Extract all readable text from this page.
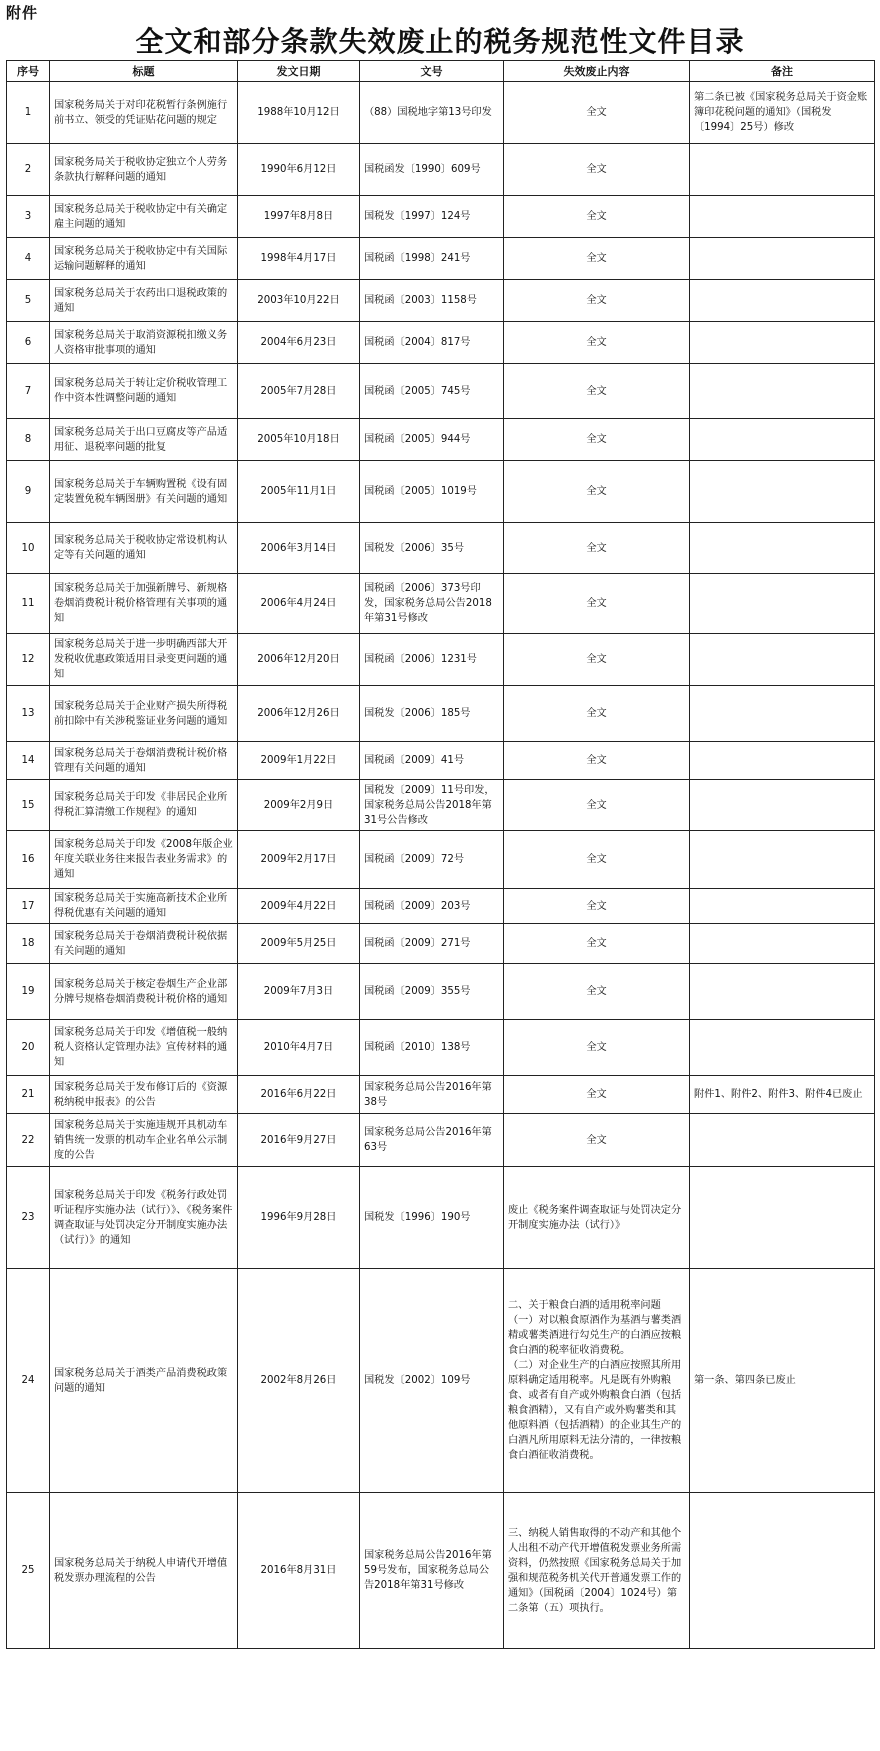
附件
全文和部分条款失效废止的税务规范性文件目录
序号	标题	发文日期	文号	失效废止内容	备注
1	国家税务局关于对印花税暂行条例施行前书立、领受的凭证贴花问题的规定	1988年10月12日	（88）国税地字第13号印发	全文	第二条已被《国家税务总局关于资金账簿印花税问题的通知》（国税发〔1994〕25号）修改
2	国家税务局关于税收协定独立个人劳务条款执行解释问题的通知	1990年6月12日	国税函发〔1990〕609号	全文	
3	国家税务总局关于税收协定中有关确定雇主问题的通知	1997年8月8日	国税发〔1997〕124号	全文	
4	国家税务总局关于税收协定中有关国际运输问题解释的通知	1998年4月17日	国税函〔1998〕241号	全文	
5	国家税务总局关于农药出口退税政策的通知	2003年10月22日	国税函〔2003〕1158号	全文	
6	国家税务总局关于取消资源税扣缴义务人资格审批事项的通知	2004年6月23日	国税函〔2004〕817号	全文	
7	国家税务总局关于转让定价税收管理工作中资本性调整问题的通知	2005年7月28日	国税函〔2005〕745号	全文	
8	国家税务总局关于出口豆腐皮等产品适用征、退税率问题的批复	2005年10月18日	国税函〔2005〕944号	全文	
9	国家税务总局关于车辆购置税《设有固定装置免税车辆图册》有关问题的通知	2005年11月1日	国税函〔2005〕1019号	全文	
10	国家税务总局关于税收协定常设机构认定等有关问题的通知	2006年3月14日	国税发〔2006〕35号	全文	
11	国家税务总局关于加强新牌号、新规格卷烟消费税计税价格管理有关事项的通知	2006年4月24日	国税函〔2006〕373号印发，国家税务总局公告2018年第31号修改	全文	
12	国家税务总局关于进一步明确西部大开发税收优惠政策适用目录变更问题的通知	2006年12月20日	国税函〔2006〕1231号	全文	
13	国家税务总局关于企业财产损失所得税前扣除中有关涉税鉴证业务问题的通知	2006年12月26日	国税发〔2006〕185号	全文	
14	国家税务总局关于卷烟消费税计税价格管理有关问题的通知	2009年1月22日	国税函〔2009〕41号	全文	
15	国家税务总局关于印发《非居民企业所得税汇算清缴工作规程》的通知	2009年2月9日	国税发〔2009〕11号印发，国家税务总局公告2018年第31号公告修改	全文	
16	国家税务总局关于印发《2008年版企业年度关联业务往来报告表业务需求》的通知	2009年2月17日	国税函〔2009〕72号	全文	
17	国家税务总局关于实施高新技术企业所得税优惠有关问题的通知	2009年4月22日	国税函〔2009〕203号	全文	
18	国家税务总局关于卷烟消费税计税依据有关问题的通知	2009年5月25日	国税函〔2009〕271号	全文	
19	国家税务总局关于核定卷烟生产企业部分牌号规格卷烟消费税计税价格的通知	2009年7月3日	国税函〔2009〕355号	全文	
20	国家税务总局关于印发《增值税一般纳税人资格认定管理办法》宣传材料的通知	2010年4月7日	国税函〔2010〕138号	全文	
21	国家税务总局关于发布修订后的《资源税纳税申报表》的公告	2016年6月22日	国家税务总局公告2016年第38号	全文	附件1、附件2、附件3、附件4已废止
22	国家税务总局关于实施违规开具机动车销售统一发票的机动车企业名单公示制度的公告	2016年9月27日	国家税务总局公告2016年第63号	全文	
23	国家税务总局关于印发《税务行政处罚听证程序实施办法（试行）》、《税务案件调查取证与处罚决定分开制度实施办法（试行）》的通知	1996年9月28日	国税发〔1996〕190号	废止《税务案件调查取证与处罚决定分开制度实施办法（试行）》	
24	国家税务总局关于酒类产品消费税政策问题的通知	2002年8月26日	国税发〔2002〕109号	二、关于粮食白酒的适用税率问题
（一）对以粮食原酒作为基酒与薯类酒精或薯类酒进行勾兑生产的白酒应按粮食白酒的税率征收消费税。
（二）对企业生产的白酒应按照其所用原料确定适用税率。凡是既有外购粮食、或者有自产或外购粮食白酒（包括粮食酒精），又有自产或外购薯类和其他原料酒（包括酒精）的企业其生产的白酒凡所用原料无法分清的，一律按粮食白酒征收消费税。	第一条、第四条已废止
25	国家税务总局关于纳税人申请代开增值税发票办理流程的公告	2016年8月31日	国家税务总局公告2016年第59号发布，国家税务总局公告2018年第31号修改	三、纳税人销售取得的不动产和其他个人出租不动产代开增值税发票业务所需资料，仍然按照《国家税务总局关于加强和规范税务机关代开普通发票工作的通知》（国税函〔2004〕1024号）第二条第（五）项执行。	
